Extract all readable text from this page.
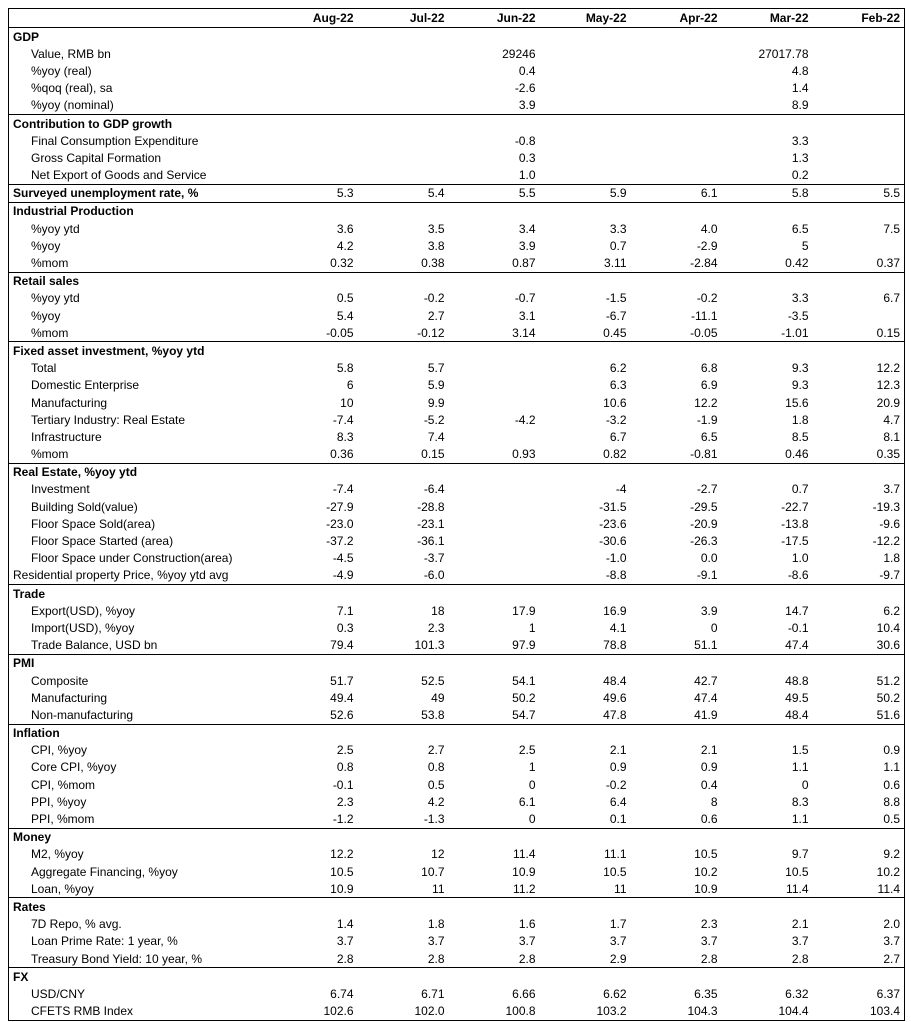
	Aug-22	Jul-22	Jun-22	May-22	Apr-22	Mar-22	Feb-22
GDP							
Value, RMB bn			29246			27017.78	
%yoy (real)			0.4			4.8	
%qoq (real), sa			-2.6			1.4	
%yoy (nominal)			3.9			8.9	
Contribution to GDP growth							
Final Consumption Expenditure			-0.8			3.3	
Gross Capital Formation			0.3			1.3	
Net Export of Goods and Service			1.0			0.2	
Surveyed unemployment rate, %	5.3	5.4	5.5	5.9	6.1	5.8	5.5
Industrial Production							
%yoy ytd	3.6	3.5	3.4	3.3	4.0	6.5	7.5
%yoy	4.2	3.8	3.9	0.7	-2.9	5	
%mom	0.32	0.38	0.87	3.11	-2.84	0.42	0.37
Retail sales							
%yoy ytd	0.5	-0.2	-0.7	-1.5	-0.2	3.3	6.7
%yoy	5.4	2.7	3.1	-6.7	-11.1	-3.5	
%mom	-0.05	-0.12	3.14	0.45	-0.05	-1.01	0.15
Fixed asset investment, %yoy ytd							
Total	5.8	5.7		6.2	6.8	9.3	12.2
Domestic Enterprise	6	5.9		6.3	6.9	9.3	12.3
Manufacturing	10	9.9		10.6	12.2	15.6	20.9
Tertiary Industry: Real Estate	-7.4	-5.2	-4.2	-3.2	-1.9	1.8	4.7
Infrastructure	8.3	7.4		6.7	6.5	8.5	8.1
%mom	0.36	0.15	0.93	0.82	-0.81	0.46	0.35
Real Estate, %yoy ytd							
Investment	-7.4	-6.4		-4	-2.7	0.7	3.7
Building Sold(value)	-27.9	-28.8		-31.5	-29.5	-22.7	-19.3
Floor Space Sold(area)	-23.0	-23.1		-23.6	-20.9	-13.8	-9.6
Floor Space Started (area)	-37.2	-36.1		-30.6	-26.3	-17.5	-12.2
Floor Space under Construction(area)	-4.5	-3.7		-1.0	0.0	1.0	1.8
Residential property Price, %yoy ytd avg	-4.9	-6.0		-8.8	-9.1	-8.6	-9.7
Trade							
Export(USD), %yoy	7.1	18	17.9	16.9	3.9	14.7	6.2
Import(USD), %yoy	0.3	2.3	1	4.1	0	-0.1	10.4
Trade Balance, USD bn	79.4	101.3	97.9	78.8	51.1	47.4	30.6
PMI							
Composite	51.7	52.5	54.1	48.4	42.7	48.8	51.2
Manufacturing	49.4	49	50.2	49.6	47.4	49.5	50.2
Non-manufacturing	52.6	53.8	54.7	47.8	41.9	48.4	51.6
Inflation							
CPI, %yoy	2.5	2.7	2.5	2.1	2.1	1.5	0.9
Core CPI, %yoy	0.8	0.8	1	0.9	0.9	1.1	1.1
CPI, %mom	-0.1	0.5	0	-0.2	0.4	0	0.6
PPI, %yoy	2.3	4.2	6.1	6.4	8	8.3	8.8
PPI, %mom	-1.2	-1.3	0	0.1	0.6	1.1	0.5
Money							
M2, %yoy	12.2	12	11.4	11.1	10.5	9.7	9.2
Aggregate Financing, %yoy	10.5	10.7	10.9	10.5	10.2	10.5	10.2
Loan, %yoy	10.9	11	11.2	11	10.9	11.4	11.4
Rates							
7D Repo, % avg.	1.4	1.8	1.6	1.7	2.3	2.1	2.0
Loan Prime Rate: 1 year, %	3.7	3.7	3.7	3.7	3.7	3.7	3.7
Treasury Bond Yield: 10 year, %	2.8	2.8	2.8	2.9	2.8	2.8	2.7
FX							
USD/CNY	6.74	6.71	6.66	6.62	6.35	6.32	6.37
CFETS RMB Index	102.6	102.0	100.8	103.2	104.3	104.4	103.4
